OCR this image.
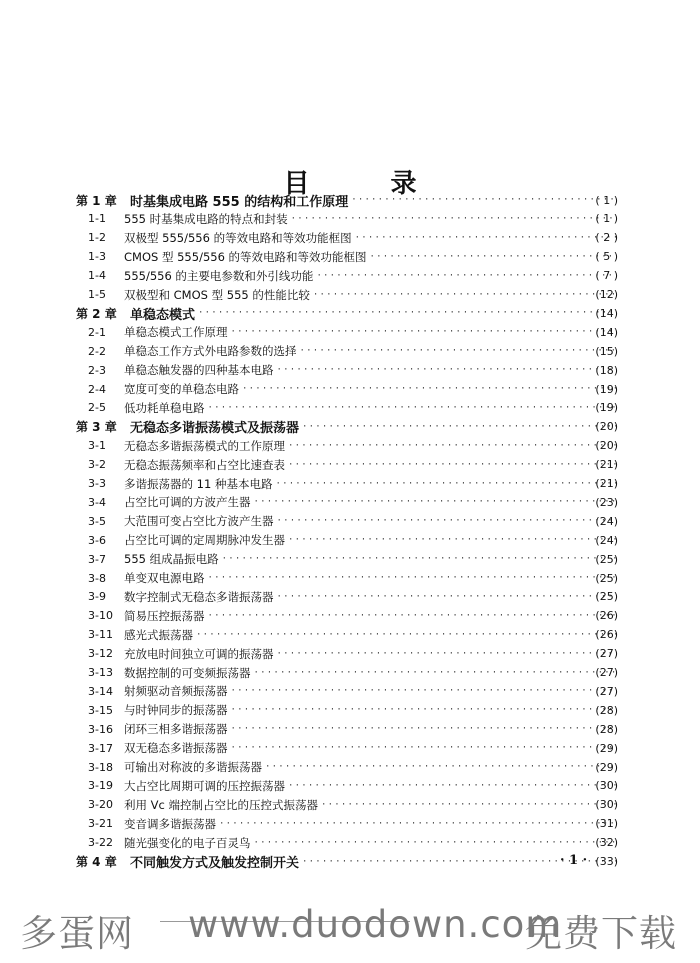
目 录
第 1 章	时基集成电路 555 的结构和工作原理 ·····	( 1 )
1-1	555 时基集成电路的特点和封装 ·····	( 1 )
1-2	双极型 555/556 的等效电路和等效功能框图 ·····	( 2 )
1-3	CMOS 型 555/556 的等效电路和等效功能框图 ·····	( 5 )
1-4	555/556 的主要电参数和外引线功能 ·····	( 7 )
1-5	双极型和 CMOS 型 555 的性能比较 ·····	(12)
第 2 章	单稳态模式 ·····	(14)
2-1	单稳态模式工作原理 ·····	(14)
2-2	单稳态工作方式外电路参数的选择 ·····	(15)
2-3	单稳态触发器的四种基本电路 ·····	(18)
2-4	宽度可变的单稳态电路 ·····	(19)
2-5	低功耗单稳电路 ·····	(19)
第 3 章	无稳态多谐振荡模式及振荡器 ·····	(20)
3-1	无稳态多谐振荡模式的工作原理 ·····	(20)
3-2	无稳态振荡频率和占空比速查表 ·····	(21)
3-3	多谐振荡器的 11 种基本电路 ·····	(21)
3-4	占空比可调的方波产生器 ·····	(23)
3-5	大范围可变占空比方波产生器 ·····	(24)
3-6	占空比可调的定周期脉冲发生器 ·····	(24)
3-7	555 组成晶振电路 ·····	(25)
3-8	单变双电源电路 ·····	(25)
3-9	数字控制式无稳态多谐振荡器 ·····	(25)
3-10 简易压控振荡器 ·····	(26)
3-11 感光式振荡器 ·····	(26)
3-12 充放电时间独立可调的振荡器 ·····	(27)
3-13 数据控制的可变频振荡器 ·····	(27)
3-14 射频驱动音频振荡器 ·····	(27)
3-15 与时钟同步的振荡器 ·····	(28)
3-16 闭环三相多谐振荡器 ·····	(28)
3-17 双无稳态多谐振荡器 ·····	(29)
3-18 可输出对称波的多谐振荡器 ·····	(29)
3-19 大占空比周期可调的压控振荡器 ·····	(30)
3-20 利用 Vc 端控制占空比的压控式振荡器 ·····	(30)
3-21 变音调多谐振荡器 ·····	(31)
3-22 随光强变化的电子百灵鸟 ·····	(32)
第 4 章	不同触发方式及触发控制开关 ·····	(33)
· 1 ·
多蛋网 www.duodown.com
免费下载
